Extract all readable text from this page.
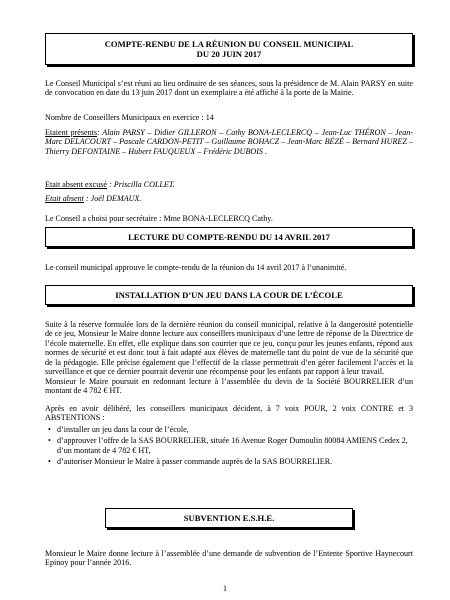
COMPTE-RENDU DE LA RÉUNION DU CONSEIL MUNICIPAL
DU 20 JUIN 2017

Le Conseil Municipal s’est réuni au lieu ordinaire de ses séances, sous la présidence de M. Alain PARSY en suite de convocation en date du 13 juin 2017 dont un exemplaire a été affiché à la porte de la Mairie.

Nombre de Conseillers Municipaux en exercice : 14

Etaient présents: Alain PARSY – Didier GILLERON – Cathy BONA-LECLERCQ – Jean-Luc THÉRON – Jean-Marc DELACOURT – Pascale CARDON-PETIT – Guillaume BOHACZ – Jean-Marc BÉZÉ – Bernard HUREZ – Thierry DEFONTAINE – Hubert FAUQUEUX – Frédéric DUBOIS .

Etait absent excusé : Priscilla COLLET.

Etait absent : Joël DEMAUX.

Le Conseil a choisi pour secrétaire : Mme BONA-LECLERCQ Cathy.

LECTURE DU COMPTE-RENDU DU 14 AVRIL 2017

Le conseil municipal approuve le compte-rendu de la réunion du 14 avril 2017 à l’unanimité.

INSTALLATION D’UN JEU DANS LA COUR DE L’ÉCOLE

Suite à la réserve formulée lors de la dernière réunion du conseil municipal, relative à la dangerosité potentielle de ce jeu, Monsieur le Maire donne lecture aux conseillers municipaux d’une lettre de réponse de la Directrice de l’école maternelle. En effet, elle explique dans son courrier que ce jeu, conçu pour les jeunes enfants, répond aux normes de sécurité et est donc tout à fait adapté aux élèves de maternelle tant du point de vue de la sécurité que de la pédagogie. Elle précise également que l’effectif de la classe permettrait d’en gérer facilement l’accès et la surveillance et que ce dernier pourrait devenir une récompense pour les enfants par rapport à leur travail.

Monsieur le Maire poursuit en redonnant lecture à l’assemblée du devis de la Société BOURRELIER d’un montant de 4 782 € HT.

Après en avoir délibéré, les conseillers municipaux décident, à 7 voix POUR, 2 voix CONTRE et 3 ABSTENTIONS :

• d’installer un jeu dans la cour de l’école,
• d’approuver l’offre de la SAS BOURRELIER, située 16 Avenue Roger Dumoulin 80084 AMIENS Cedex 2, d’un montant de 4 782 € HT,
• d’autoriser Monsieur le Maire à passer commande auprès de la SAS BOURRELIER.
SUBVENTION E.S.H.E.

Monsieur le Maire donne lecture à l’assemblée d’une demande de subvention de l’Entente Sportive Haynecourt Epinoy pour l’année 2016.

1
